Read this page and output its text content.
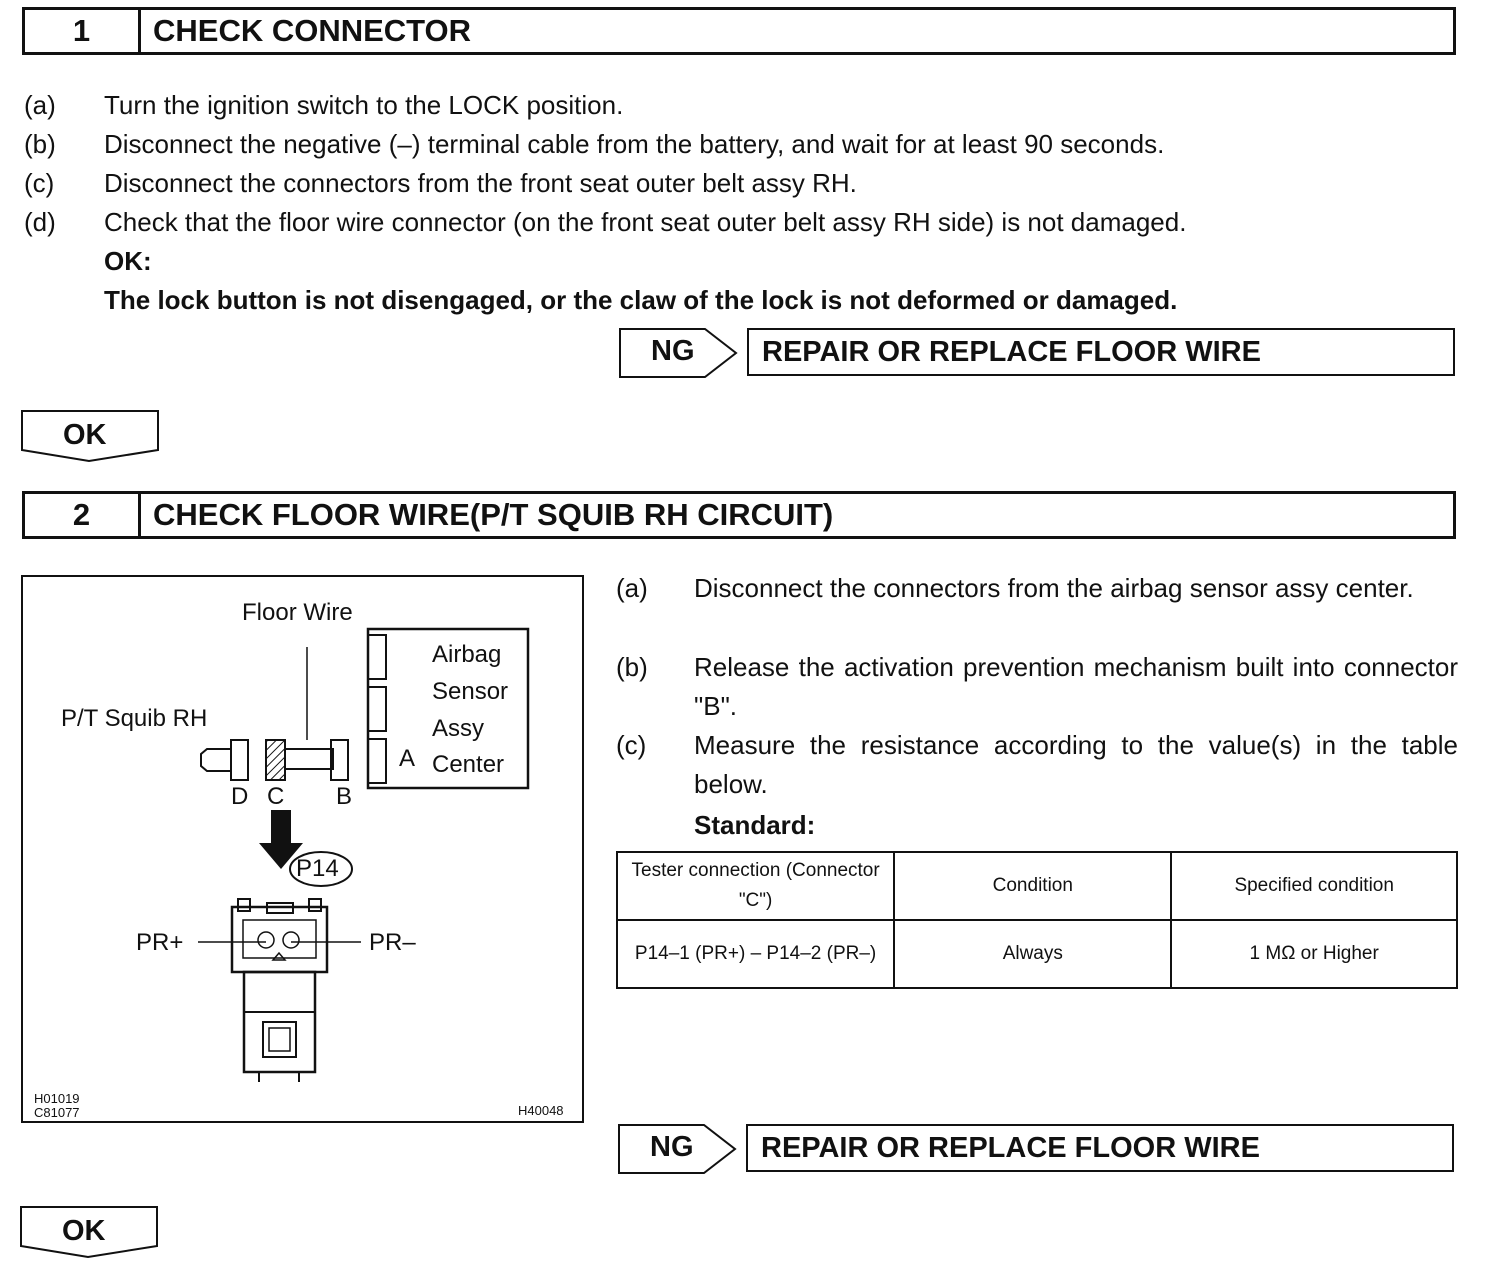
1	CHECK CONNECTOR
(a) Turn the ignition switch to the LOCK position.
(b) Disconnect the negative (–) terminal cable from the battery, and wait for at least 90 seconds.
(c) Disconnect the connectors from the front seat outer belt assy RH.
(d) Check that the floor wire connector (on the front seat outer belt assy RH side) is not damaged.
OK:
The lock button is not disengaged, or the claw of the lock is not deformed or damaged.
NG	REPAIR OR REPLACE FLOOR WIRE
OK
2	CHECK FLOOR WIRE(P/T SQUIB RH CIRCUIT)
Floor Wire
P/T Squib RH
Airbag
Sensor
Assy
Center
A
D C B
P14
PR+	PR–
H01019
C81077	H40048
(a) Disconnect the connectors from the airbag sensor assy center.
(b) Release the activation prevention mechanism built into connector "B".
(c) Measure the resistance according to the value(s) in the table below.
Standard:
Tester connection (Connector "C")	Condition	Specified condition
P14–1 (PR+) – P14–2 (PR–)	Always	1 MΩ or Higher
NG	REPAIR OR REPLACE FLOOR WIRE
OK
